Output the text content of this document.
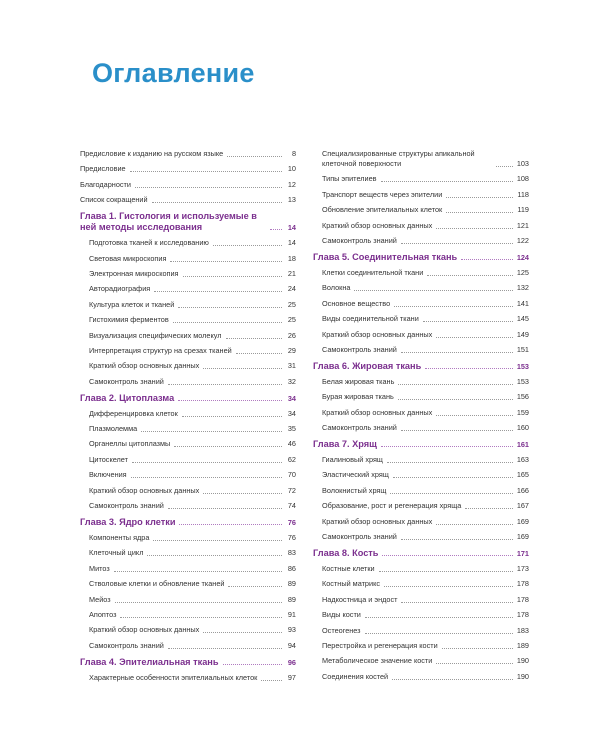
Оглавление
Предисловие к изданию на русском языке	8
Предисловие	10
Благодарности	12
Список сокращений	13
Глава 1. Гистология и используемые в ней методы исследования	14
Подготовка тканей к исследованию	14
Световая микроскопия	18
Электронная микроскопия	21
Авторадиография	24
Культура клеток и тканей	25
Гистохимия ферментов	25
Визуализация специфических молекул	26
Интерпретация структур на срезах тканей	29
Краткий обзор основных данных	31
Самоконтроль знаний	32
Глава 2. Цитоплазма	34
Дифференцировка клеток	34
Плазмолемма	35
Органеллы цитоплазмы	46
Цитоскелет	62
Включения	70
Краткий обзор основных данных	72
Самоконтроль знаний	74
Глава 3. Ядро клетки	76
Компоненты ядра	76
Клеточный цикл	83
Митоз	86
Стволовые клетки и обновление тканей	89
Мейоз	89
Апоптоз	91
Краткий обзор основных данных	93
Самоконтроль знаний	94
Глава 4. Эпителиальная ткань	96
Характерные особенности эпителиальных клеток	97
Специализированные структуры апикальной клеточной поверхности	103
Типы эпителиев	108
Транспорт веществ через эпителии	118
Обновление эпителиальных клеток	119
Краткий обзор основных данных	121
Самоконтроль знаний	122
Глава 5. Соединительная ткань	124
Клетки соединительной ткани	125
Волокна	132
Основное вещество	141
Виды соединительной ткани	145
Краткий обзор основных данных	149
Самоконтроль знаний	151
Глава 6. Жировая ткань	153
Белая жировая ткань	153
Бурая жировая ткань	156
Краткий обзор основных данных	159
Самоконтроль знаний	160
Глава 7. Хрящ	161
Гиалиновый хрящ	163
Эластический хрящ	165
Волокнистый хрящ	166
Образование, рост и регенерация хряща	167
Краткий обзор основных данных	169
Самоконтроль знаний	169
Глава 8. Кость	171
Костные клетки	173
Костный матрикс	178
Надкостница и эндост	178
Виды кости	178
Остеогенез	183
Перестройка и регенерация кости	189
Метаболическое значение кости	190
Соединения костей	190
